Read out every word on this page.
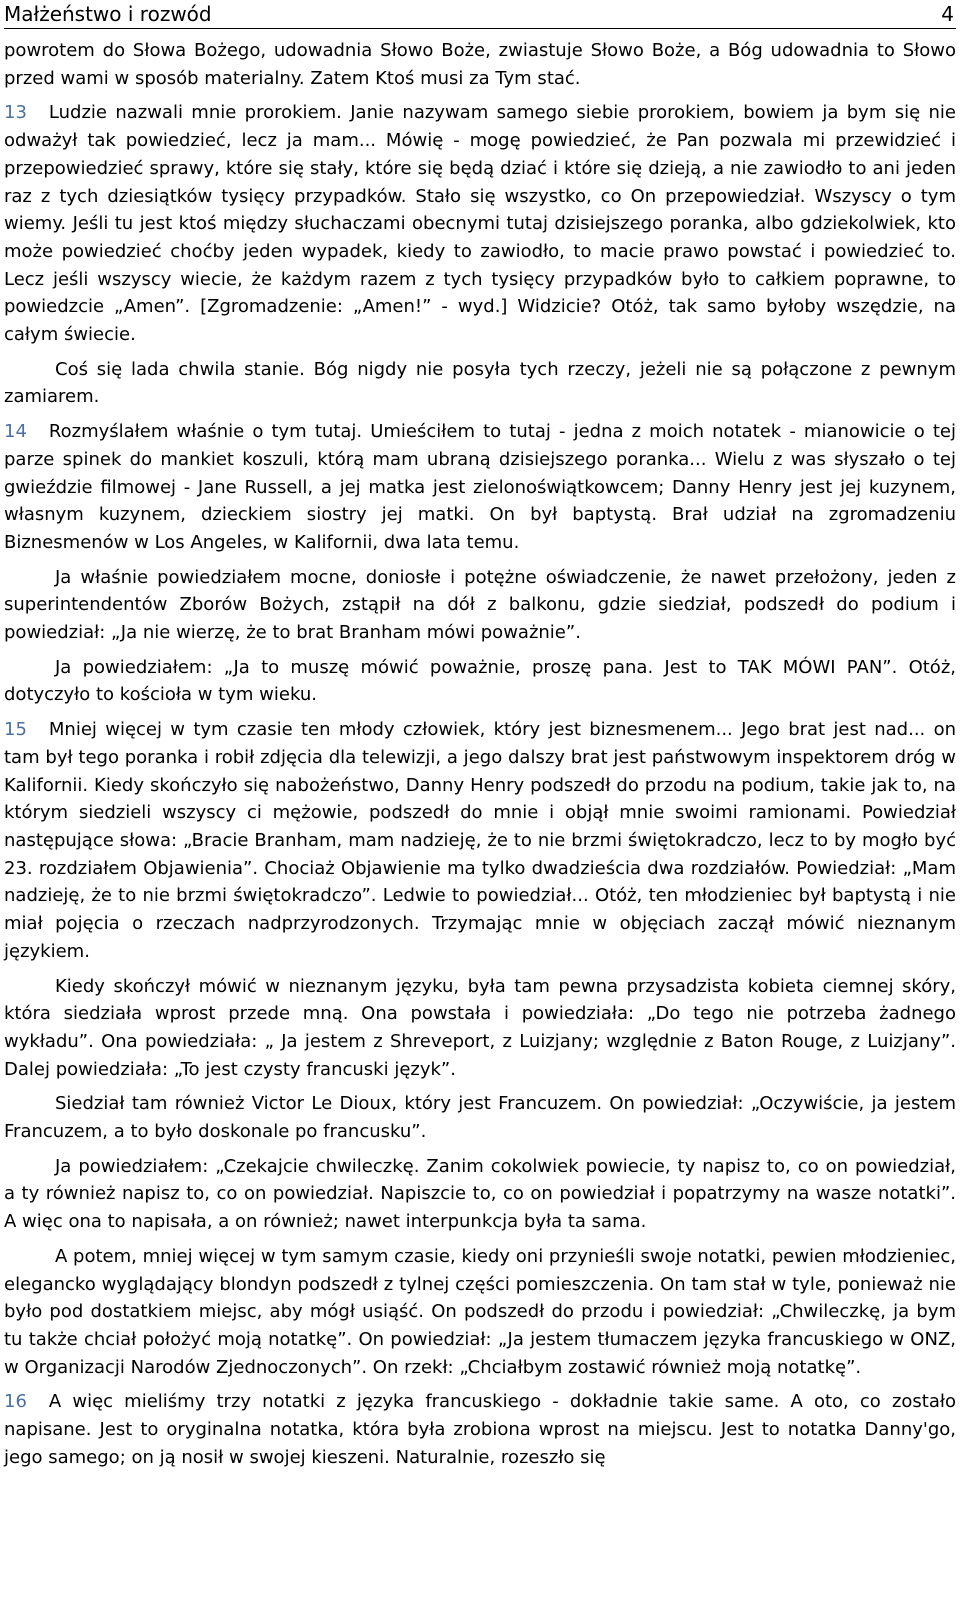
Małżeństwo i rozwód	4

powrotem do Słowa Bożego, udowadnia Słowo Boże, zwiastuje Słowo Boże, a Bóg udowadnia to Słowo przed wami w sposób materialny. Zatem Ktoś musi za Tym stać.

13 Ludzie nazwali mnie prorokiem. Janie nazywam samego siebie prorokiem, bowiem ja bym się nie odważył tak powiedzieć, lecz ja mam... Mówię - mogę powiedzieć, że Pan pozwala mi przewidzieć i przepowiedzieć sprawy, które się stały, które się będą dziać i które się dzieją, a nie zawiodło to ani jeden raz z tych dziesiątków tysięcy przypadków. Stało się wszystko, co On przepowiedział. Wszyscy o tym wiemy. Jeśli tu jest ktoś między słuchaczami obecnymi tutaj dzisiejszego poranka, albo gdziekolwiek, kto może powiedzieć choćby jeden wypadek, kiedy to zawiodło, to macie prawo powstać i powiedzieć to. Lecz jeśli wszyscy wiecie, że każdym razem z tych tysięcy przypadków było to całkiem poprawne, to powiedzcie „Amen”. [Zgromadzenie: „Amen!” - wyd.] Widzicie? Otóż, tak samo byłoby wszędzie, na całym świecie.

Coś się lada chwila stanie. Bóg nigdy nie posyła tych rzeczy, jeżeli nie są połączone z pewnym zamiarem.

14 Rozmyślałem właśnie o tym tutaj. Umieściłem to tutaj - jedna z moich notatek - mianowicie o tej parze spinek do mankiet koszuli, którą mam ubraną dzisiejszego poranka... Wielu z was słyszało o tej gwieździe filmowej - Jane Russell, a jej matka jest zielonoświątkowcem; Danny Henry jest jej kuzynem, własnym kuzynem, dzieckiem siostry jej matki. On był baptystą. Brał udział na zgromadzeniu Biznesmenów w Los Angeles, w Kalifornii, dwa lata temu.

Ja właśnie powiedziałem mocne, doniosłe i potężne oświadczenie, że nawet przełożony, jeden z superintendentów Zborów Bożych, zstąpił na dół z balkonu, gdzie siedział, podszedł do podium i powiedział: „Ja nie wierzę, że to brat Branham mówi poważnie”.

Ja powiedziałem: „Ja to muszę mówić poważnie, proszę pana. Jest to TAK MÓWI PAN”. Otóż, dotyczyło to kościoła w tym wieku.

15 Mniej więcej w tym czasie ten młody człowiek, który jest biznesmenem... Jego brat jest nad... on tam był tego poranka i robił zdjęcia dla telewizji, a jego dalszy brat jest państwowym inspektorem dróg w Kalifornii. Kiedy skończyło się nabożeństwo, Danny Henry podszedł do przodu na podium, takie jak to, na którym siedzieli wszyscy ci mężowie, podszedł do mnie i objął mnie swoimi ramionami. Powiedział następujące słowa: „Bracie Branham, mam nadzieję, że to nie brzmi świętokradczo, lecz to by mogło być 23. rozdziałem Objawienia”. Chociaż Objawienie ma tylko dwadzieścia dwa rozdziałów. Powiedział: „Mam nadzieję, że to nie brzmi świętokradczo”. Ledwie to powiedział... Otóż, ten młodzieniec był baptystą i nie miał pojęcia o rzeczach nadprzyrodzonych. Trzymając mnie w objęciach zaczął mówić nieznanym językiem.

Kiedy skończył mówić w nieznanym języku, była tam pewna przysadzista kobieta ciemnej skóry, która siedziała wprost przede mną. Ona powstała i powiedziała: „Do tego nie potrzeba żadnego wykładu”. Ona powiedziała: „ Ja jestem z Shreveport, z Luizjany; względnie z Baton Rouge, z Luizjany”. Dalej powiedziała: „To jest czysty francuski język”.

Siedział tam również Victor Le Dioux, który jest Francuzem. On powiedział: „Oczywiście, ja jestem Francuzem, a to było doskonale po francusku”.

Ja powiedziałem: „Czekajcie chwileczkę. Zanim cokolwiek powiecie, ty napisz to, co on powiedział, a ty również napisz to, co on powiedział. Napiszcie to, co on powiedział i popatrzymy na wasze notatki”. A więc ona to napisała, a on również; nawet interpunkcja była ta sama.

A potem, mniej więcej w tym samym czasie, kiedy oni przynieśli swoje notatki, pewien młodzieniec, elegancko wyglądający blondyn podszedł z tylnej części pomieszczenia. On tam stał w tyle, ponieważ nie było pod dostatkiem miejsc, aby mógł usiąść. On podszedł do przodu i powiedział: „Chwileczkę, ja bym tu także chciał położyć moją notatkę”. On powiedział: „Ja jestem tłumaczem języka francuskiego w ONZ, w Organizacji Narodów Zjednoczonych”. On rzekł: „Chciałbym zostawić również moją notatkę”.

16 A więc mieliśmy trzy notatki z języka francuskiego - dokładnie takie same. A oto, co zostało napisane. Jest to oryginalna notatka, która była zrobiona wprost na miejscu. Jest to notatka Danny'go, jego samego; on ją nosił w swojej kieszeni. Naturalnie, rozeszło się
